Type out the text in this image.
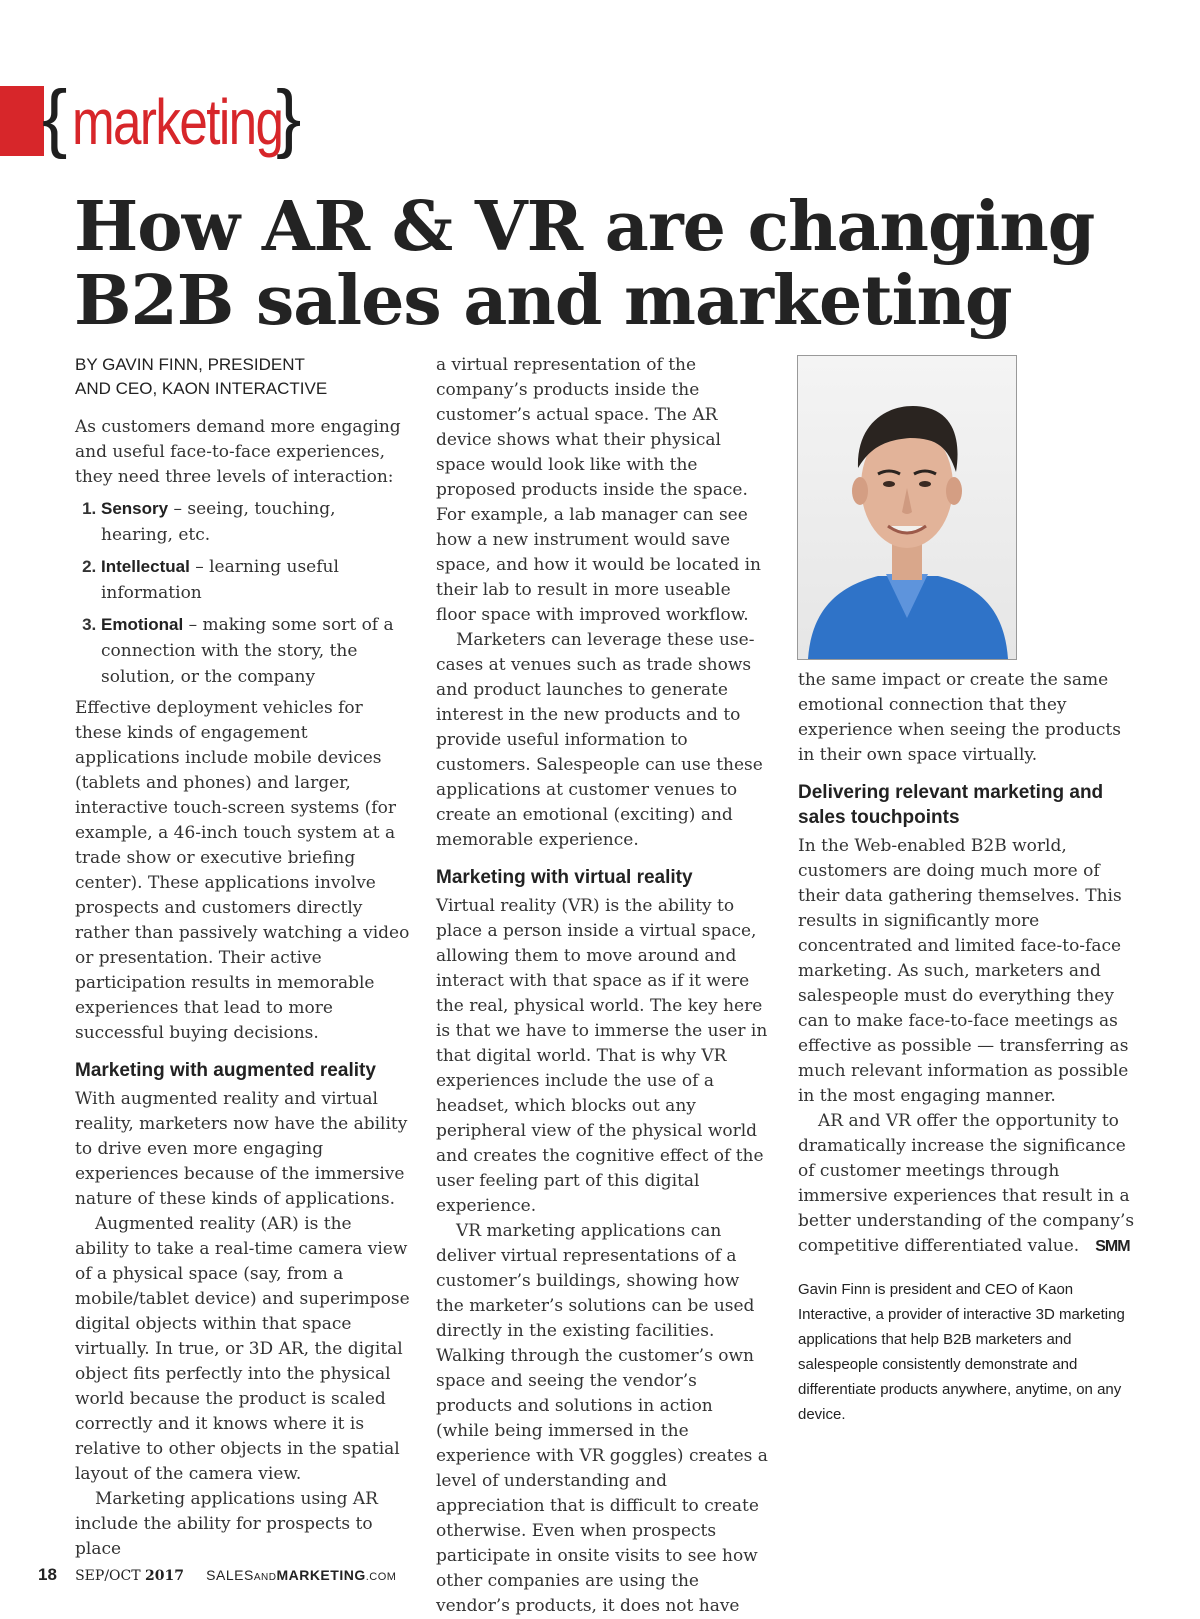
{ marketing
}
How AR & VR are changing
B2B sales and marketing
BY GAVIN FINN, PRESIDENT
AND CEO, KAON INTERACTIVE

As customers demand more engaging and useful face-to-face experiences, they need three levels of interaction:

1. Sensory – seeing, touching, hearing, etc.
2. Intellectual – learning useful information
3. Emotional – making some sort of a connection with the story, the solution, or the company

Effective deployment vehicles for these kinds of engagement applications include mobile devices (tablets and phones) and larger, interactive touch-screen systems (for example, a 46-inch touch system at a trade show or executive briefing center). These applications involve prospects and customers directly rather than passively watching a video or presentation. Their active participation results in memorable experiences that lead to more successful buying decisions.

Marketing with augmented reality

With augmented reality and virtual reality, marketers now have the ability to drive even more engaging experiences because of the immersive nature of these kinds of applications.

Augmented reality (AR) is the ability to take a real-time camera view of a physical space (say, from a mobile/tablet device) and superimpose digital objects within that space virtually. In true, or 3D AR, the digital object fits perfectly into the physical world because the product is scaled correctly and it knows where it is relative to other objects in the spatial layout of the camera view.

Marketing applications using AR include the ability for prospects to place

a virtual representation of the company’s products inside the customer’s actual space. The AR device shows what their physical space would look like with the proposed products inside the space. For example, a lab manager can see how a new instrument would save space, and how it would be located in their lab to result in more useable floor space with improved workflow.

Marketers can leverage these use-cases at venues such as trade shows and product launches to generate interest in the new products and to provide useful information to customers. Salespeople can use these applications at customer venues to create an emotional (exciting) and memorable experience.

Marketing with virtual reality

Virtual reality (VR) is the ability to place a person inside a virtual space, allowing them to move around and interact with that space as if it were the real, physical world. The key here is that we have to immerse the user in that digital world. That is why VR experiences include the use of a headset, which blocks out any peripheral view of the physical world and creates the cognitive effect of the user feeling part of this digital experience.

VR marketing applications can deliver virtual representations of a customer’s buildings, showing how the marketer’s solutions can be used directly in the existing facilities. Walking through the customer’s own space and seeing the vendor’s products and solutions in action (while being immersed in the experience with VR goggles) creates a level of understanding and appreciation that is difficult to create otherwise. Even when prospects participate in onsite visits to see how other companies are using the vendor’s products, it does not have

the same impact or create the same emotional connection that they experience when seeing the products in their own space virtually.

Delivering relevant marketing and sales touchpoints

In the Web-enabled B2B world, customers are doing much more of their data gathering themselves. This results in significantly more concentrated and limited face-to-face marketing. As such, marketers and salespeople must do everything they can to make face-to-face meetings as effective as possible — transferring as much relevant information as possible in the most engaging manner.

AR and VR offer the opportunity to dramatically increase the significance of customer meetings through immersive experiences that result in a better understanding of the company’s competitive differentiated value. SMM

Gavin Finn is president and CEO of Kaon Interactive, a provider of interactive 3D marketing applications that help B2B marketers and salespeople consistently demonstrate and differentiate products anywhere, anytime, on any device.
18 SEP/OCT 2017 SALESANDMARKETING.COM
